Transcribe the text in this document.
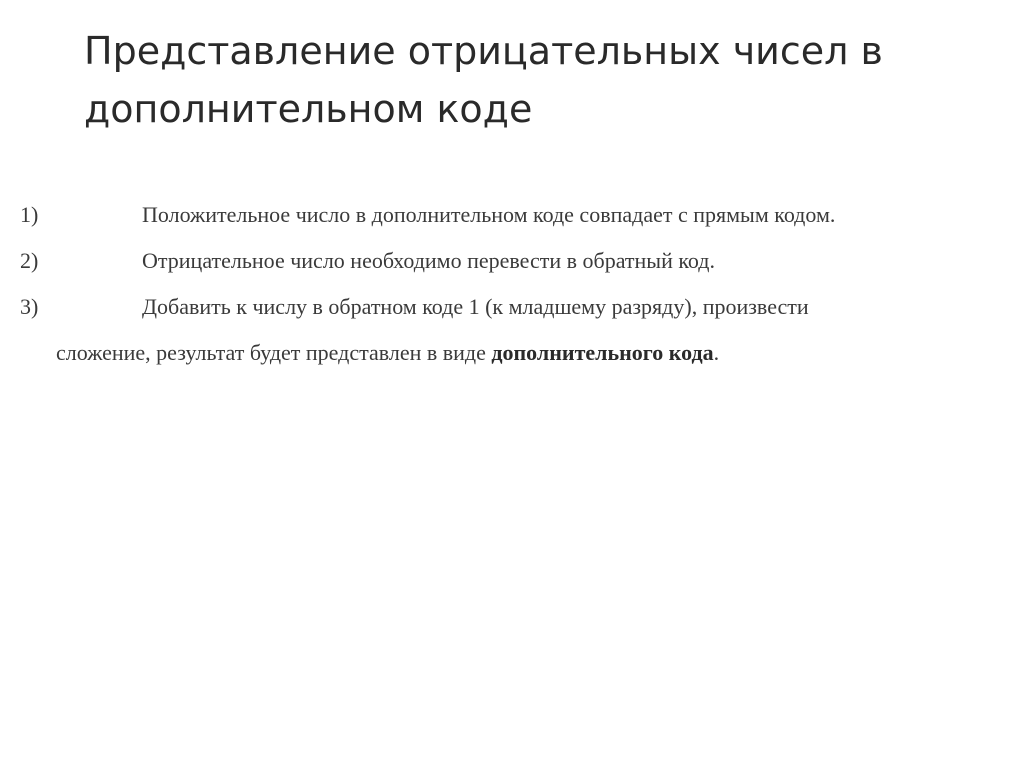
Представление отрицательных чисел в
дополнительном коде
1)	Положительное число в дополнительном коде совпадает с прямым кодом.
2)	Отрицательное число необходимо перевести в обратный код.
3)	Добавить к числу в обратном коде 1 (к младшему разряду), произвести
сложение, результат будет представлен в виде дополнительного кода.
